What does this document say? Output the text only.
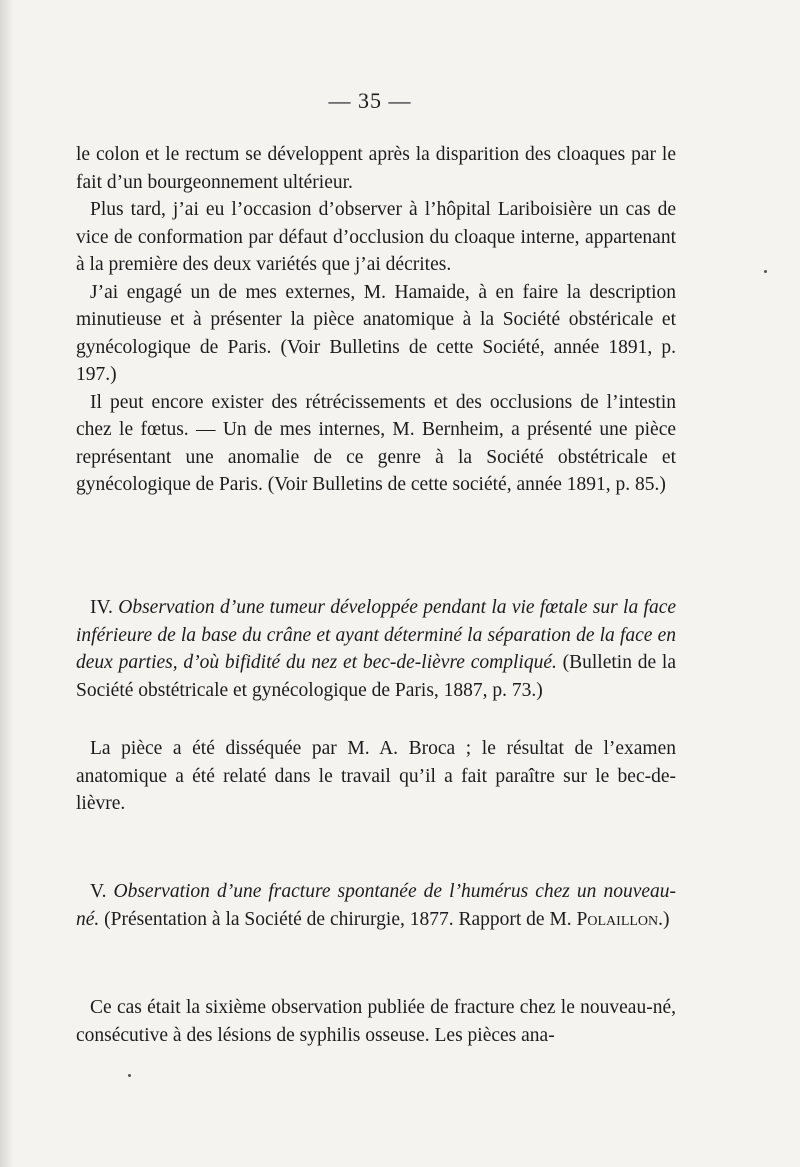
— 35 —

le colon et le rectum se développent après la disparition des cloaques par le fait d’un bourgeonnement ultérieur.

Plus tard, j’ai eu l’occasion d’observer à l’hôpital Lariboisière un cas de vice de conformation par défaut d’occlusion du cloaque interne, appartenant à la première des deux variétés que j’ai décrites.

J’ai engagé un de mes externes, M. Hamaide, à en faire la description minutieuse et à présenter la pièce anatomique à la Société obstéricale et gynécologique de Paris. (Voir Bulletins de cette Société, année 1891, p. 197.)

Il peut encore exister des rétrécissements et des occlusions de l’intestin chez le fœtus. — Un de mes internes, M. Bernheim, a présenté une pièce représentant une anomalie de ce genre à la Société obstétricale et gynécologique de Paris. (Voir Bulletins de cette société, année 1891, p. 85.)

IV. Observation d’une tumeur développée pendant la vie fœtale sur la face inférieure de la base du crâne et ayant déterminé la séparation de la face en deux parties, d’où bifidité du nez et bec-de-lièvre compliqué. (Bulletin de la Société obstétricale et gynécologique de Paris, 1887, p. 73.)

La pièce a été disséquée par M. A. Broca ; le résultat de l’examen anatomique a été relaté dans le travail qu’il a fait paraître sur le bec-de-lièvre.

V. Observation d’une fracture spontanée de l’humérus chez un nouveau-né. (Présentation à la Société de chirurgie, 1877. Rapport de M. Polaillon.)

Ce cas était la sixième observation publiée de fracture chez le nouveau-né, consécutive à des lésions de syphilis osseuse. Les pièces ana-
